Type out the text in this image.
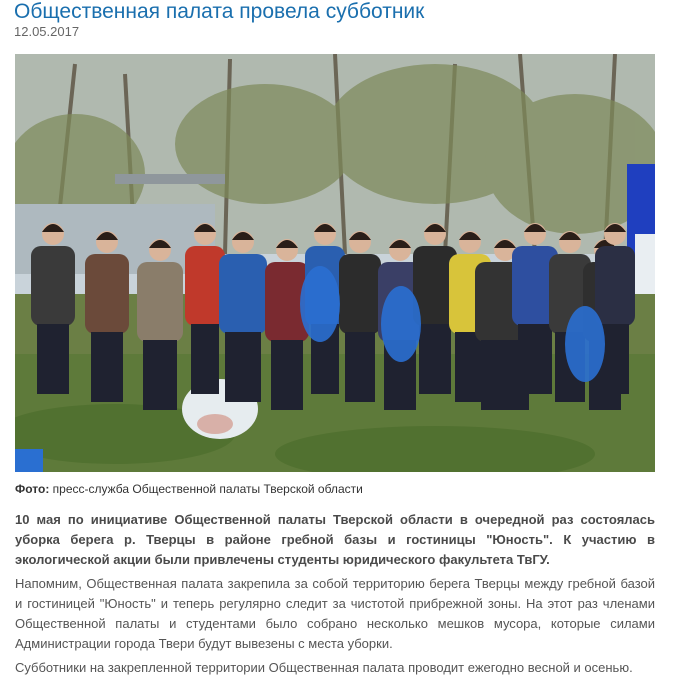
Общественная палата провела субботник
12.05.2017
Фото: пресс-служба Общественной палаты Тверской области

10 мая по инициативе Общественной палаты Тверской области в очередной раз состоялась уборка берега р. Тверцы в районе гребной базы и гостиницы "Юность". К участию в экологической акции были привлечены студенты юридического факультета ТвГУ.

Напомним, Общественная палата закрепила за собой территорию берега Тверцы между гребной базой и гостиницей "Юность" и теперь регулярно следит за чистотой прибрежной зоны. На этот раз членами Общественной палаты и студентами было собрано несколько мешков мусора, которые силами Администрации города Твери будут вывезены с места уборки.

Субботники на закрепленной территории Общественная палата проводит ежегодно весной и осенью.
